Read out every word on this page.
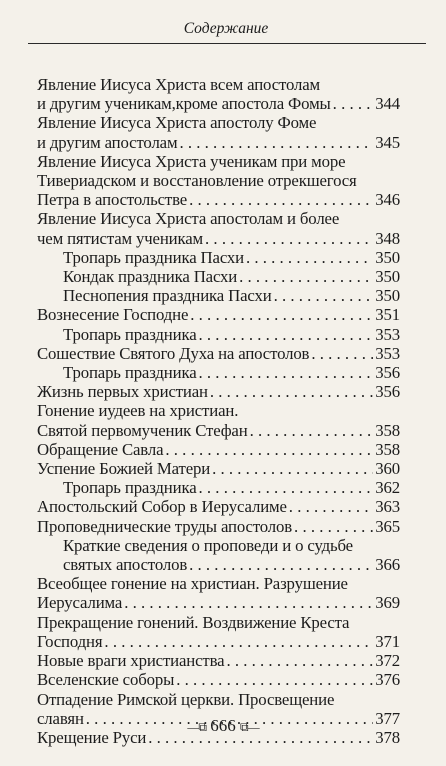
Содержание
Явление Иисуса Христа всем апостолам
и другим ученикам,кроме апостола Фомы . . .	344
Явление Иисуса Христа апостолу Фоме
и другим апостолам . . .	345
Явление Иисуса Христа ученикам при море
Тивериадском и восстановление отрекшегося
Петра в апостольстве . . .	346
Явление Иисуса Христа апостолам и более
чем пятистам ученикам . . .	348
Тропарь праздника Пасхи . . .	350
Кондак праздника Пасхи . . .	350
Песнопения праздника Пасхи . . .	350
Вознесение Господне . . .	351
Тропарь праздника . . .	353
Сошествие Святого Духа на апостолов . . .	353
Тропарь праздника . . .	356
Жизнь первых христиан . . .	356
Гонение иудеев на христиан.
Святой первомученик Стефан . . .	358
Обращение Савла . . .	358
Успение Божией Матери . . .	360
Тропарь праздника . . .	362
Апостольский Собор в Иерусалиме . . .	363
Проповеднические труды апостолов . . .	365
Краткие сведения о проповеди и о судьбе
святых апостолов . . .	366
Всеобщее гонение на христиан. Разрушение
Иерусалима . . .	369
Прекращение гонений. Воздвижение Креста
Господня . . .	371
Новые враги христианства . . .	372
Вселенские соборы . . .	376
Отпадение Римской церкви. Просвещение
славян . . .	377
Крещение Руси . . .	378
—⧉ 666 ⧉—
